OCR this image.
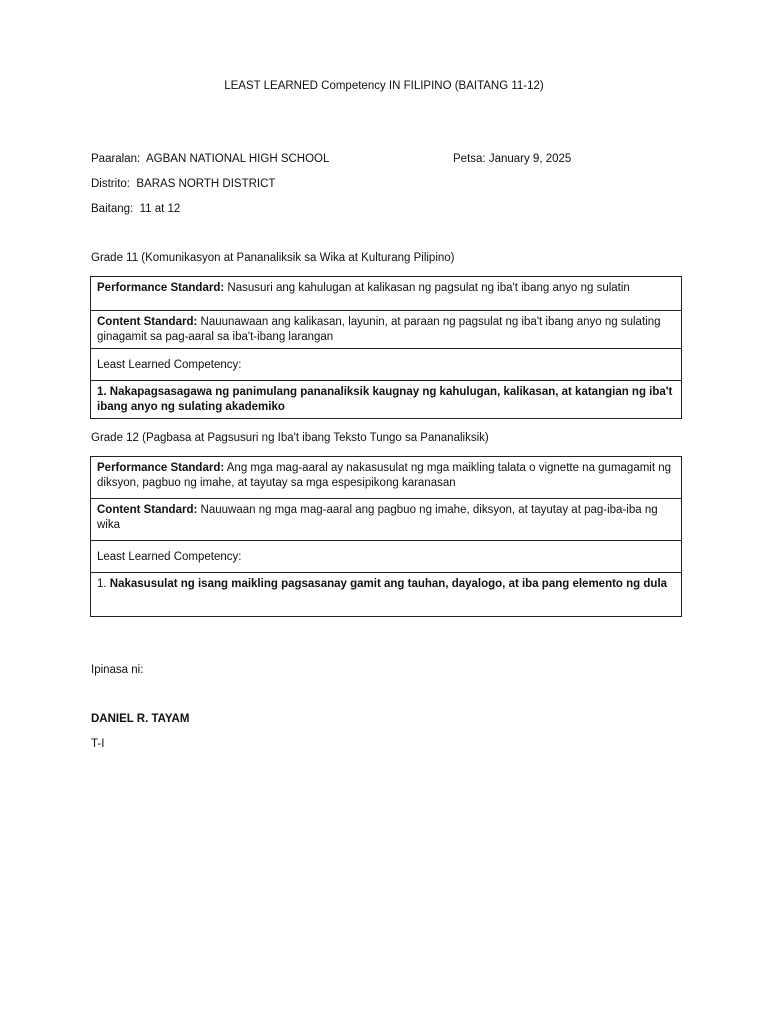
LEAST LEARNED Competency IN FILIPINO (BAITANG 11-12)
Paaralan: AGBAN NATIONAL HIGH SCHOOL	Petsa: January 9, 2025
Distrito: BARAS NORTH DISTRICT
Baitang: 11 at 12
Grade 11 (Komunikasyon at Pananaliksik sa Wika at Kulturang Pilipino)
Performance Standard: Nasusuri ang kahulugan at kalikasan ng pagsulat ng iba't ibang anyo ng sulatin
Content Standard: Nauunawaan ang kalikasan, layunin, at paraan ng pagsulat ng iba't ibang anyo ng sulating ginagamit sa pag-aaral sa iba't-ibang larangan
Least Learned Competency:
1. Nakapagsasagawa ng panimulang pananaliksik kaugnay ng kahulugan, kalikasan, at katangian ng iba't ibang anyo ng sulating akademiko
Grade 12 (Pagbasa at Pagsusuri ng Iba't ibang Teksto Tungo sa Pananaliksik)
Performance Standard: Ang mga mag-aaral ay nakasusulat ng mga maikling talata o vignette na gumagamit ng diksyon, pagbuo ng imahe, at tayutay sa mga espesipikong karanasan
Content Standard: Nauuwaan ng mga mag-aaral ang pagbuo ng imahe, diksyon, at tayutay at pag-iba-iba ng wika
Least Learned Competency:
1. Nakasusulat ng isang maikling pagsasanay gamit ang tauhan, dayalogo, at iba pang elemento ng dula
Ipinasa ni:
DANIEL R. TAYAM
T-I
